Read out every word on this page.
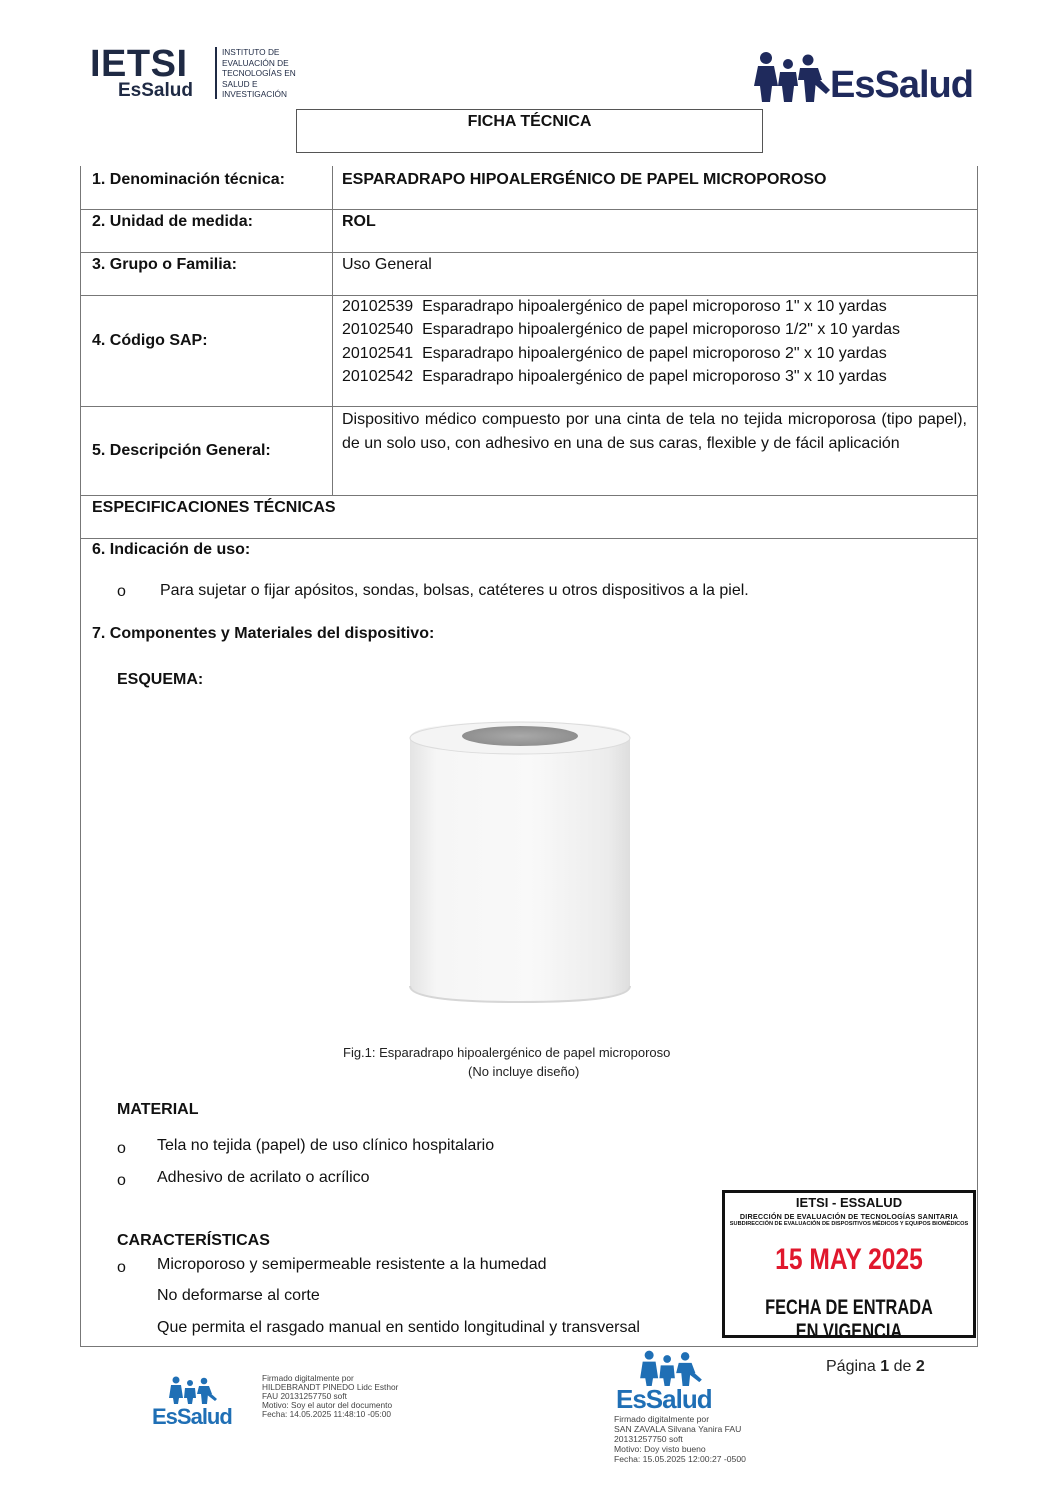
IETSI
EsSalud
INSTITUTO DE
EVALUACIÓN DE
TECNOLOGÍAS EN
SALUD E
INVESTIGACIÓN	EsSalud
FICHA TÉCNICA
1. Denominación técnica:	ESPARADRAPO HIPOALERGÉNICO DE PAPEL MICROPOROSO
2. Unidad de medida:	ROL
3. Grupo o Familia:	Uso General
4. Código SAP:
20102539  Esparadrapo hipoalergénico de papel microporoso 1" x 10 yardas
20102540  Esparadrapo hipoalergénico de papel microporoso 1/2" x 10 yardas
20102541  Esparadrapo hipoalergénico de papel microporoso 2" x 10 yardas
20102542  Esparadrapo hipoalergénico de papel microporoso 3" x 10 yardas
5. Descripción General:
Dispositivo médico compuesto por una cinta de tela no tejida microporosa (tipo papel), de un solo uso, con adhesivo en una de sus caras, flexible y de fácil aplicación
ESPECIFICACIONES TÉCNICAS
6. Indicación de uso:
o Para sujetar o fijar apósitos, sondas, bolsas, catéteres u otros dispositivos a la piel.
7. Componentes y Materiales del dispositivo:
ESQUEMA:
Fig.1: Esparadrapo hipoalergénico de papel microporoso
(No incluye diseño)
MATERIAL
o Tela no tejida (papel) de uso clínico hospitalario
o Adhesivo de acrilato o acrílico
CARACTERÍSTICAS
o Microporoso y semipermeable resistente a la humedad
No deformarse al corte
Que permita el rasgado manual en sentido longitudinal y transversal
IETSI - ESSALUD
DIRECCIÓN DE EVALUACIÓN DE TECNOLOGÍAS SANITARIA
SUBDIRECCIÓN DE EVALUACIÓN DE DISPOSITIVOS MÉDICOS Y EQUIPOS BIOMÉDICOS
15 MAY 2025
FECHA DE ENTRADA EN VIGENCIA
Página 1 de 2
EsSalud
Firmado digitalmente por
HILDEBRANDT PINEDO Lidc Esthor
FAU 20131257750 soft
Motivo: Soy el autor del documento
Fecha: 14.05.2025 11:48:10 -05:00	EsSalud
Firmado digitalmente por
SAN ZAVALA Silvana Yanira FAU
20131257750 soft
Motivo: Doy visto bueno
Fecha: 15.05.2025 12:00:27 -0500
